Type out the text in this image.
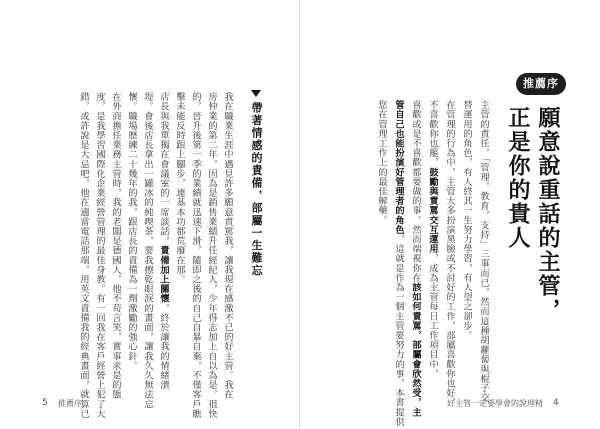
推薦序
願意說重話的主管，
正是你的貴人
主管的責任，「管理，教育，支持」三事而已，然而這種胡蘿蔔與棍子交
替運用的角色，有人終其一生努力學習，有人望之卻步。
在管理的行為中，主管大多扮演黑臉或不討好的工作，部屬喜歡你也好，
不喜歡你也罷，鼓勵與責罵交互運用，成為主管每日工作項目中，
喜歡或是不喜歡都要做的事。然而端視你在該如何責罵，部屬會欣然受，主
管自己也能扮演好管理者的角色，這就是作為一個主管要努力的事，本書提供
您在管理工作上的最佳解藥。
4
好主管一定要學會的說理精
帶著情感的責備，部屬一生難忘
我在職業生涯中遇見許多願意責罵我，讓我現在感激不已的好主管。我在
房仲業的第二年，因為是銷售業績升任經紀人，少年得志加上自以為是，很快
的，晉升後第一季的業績就迅速下滑，隨即之後的自己自暴自棄，不僅客戶瞧
擊未能反時跟上腳步，連基本功都荒廢在那。
店長與我單獨在會議室的一席談話，責備加上關懷，終於讓我的情緒潰
堤。會後店長拿出一罐冰的純喫茶，要我擦乾眼淚的畫面，讓我久久無法忘
懷。職場歷練二十幾年的我，跟店長的責備為一劑激勵的強心針。
在外商擔任業務主管時，我的老闆是德國人，他不苟言笑，實事求是的態
度，是我學習國際化企業經營管理的最佳身教。有一回我在客戶經營上犯了大
錯，或許說是大忌吧，他在適當電話那端，用英文責備我的經典畫面，就算已
5 推薦序
